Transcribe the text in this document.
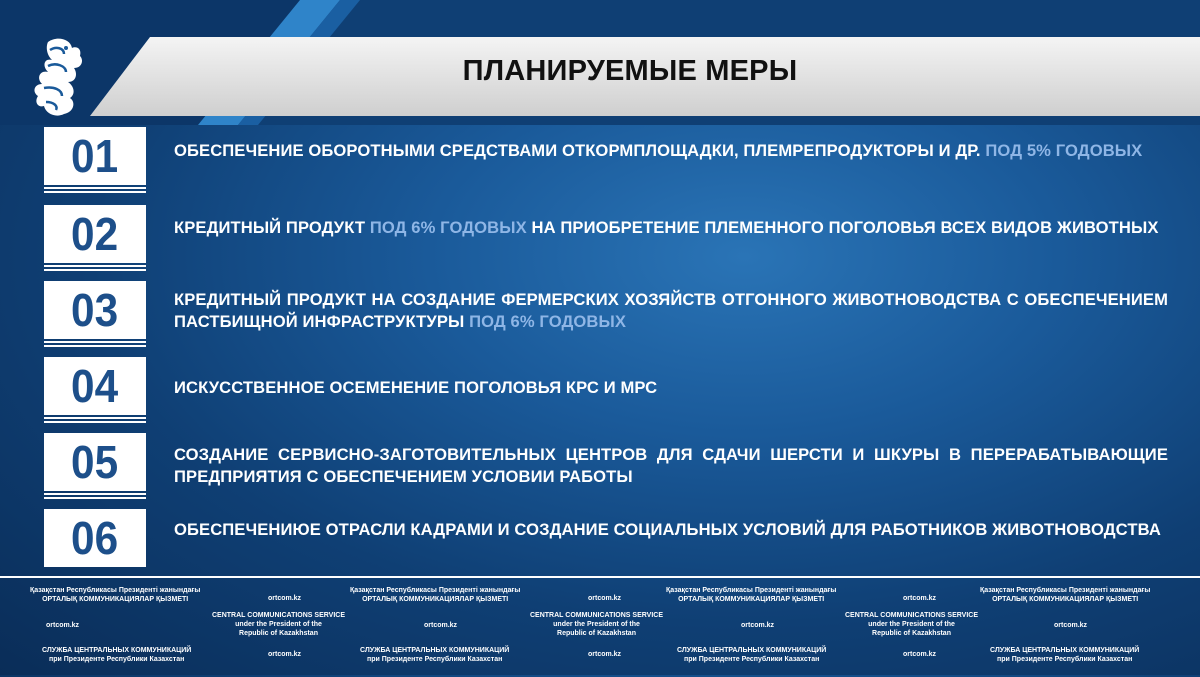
ПЛАНИРУЕМЫЕ МЕРЫ
01	ОБЕСПЕЧЕНИЕ ОБОРОТНЫМИ СРЕДСТВАМИ ОТКОРМПЛОЩАДКИ, ПЛЕМРЕПРОДУКТОРЫ И ДР. ПОД 5% ГОДОВЫХ
02	КРЕДИТНЫЙ ПРОДУКТ ПОД 6% ГОДОВЫХ НА ПРИОБРЕТЕНИЕ ПЛЕМЕННОГО ПОГОЛОВЬЯ ВСЕХ ВИДОВ ЖИВОТНЫХ
03	КРЕДИТНЫЙ ПРОДУКТ НА СОЗДАНИЕ ФЕРМЕРСКИХ ХОЗЯЙСТВ ОТГОННОГО ЖИВОТНОВОДСТВА С ОБЕСПЕЧЕНИЕМ ПАСТБИЩНОЙ ИНФРАСТРУКТУРЫ ПОД 6% ГОДОВЫХ
04	ИСКУССТВЕННОЕ ОСЕМЕНЕНИЕ ПОГОЛОВЬЯ КРС И МРС
05	СОЗДАНИЕ СЕРВИСНО-ЗАГОТОВИТЕЛЬНЫХ ЦЕНТРОВ ДЛЯ СДАЧИ ШЕРСТИ И ШКУРЫ В ПЕРЕРАБАТЫВАЮЩИЕ ПРЕДПРИЯТИЯ С ОБЕСПЕЧЕНИЕМ УСЛОВИИ РАБОТЫ
06	ОБЕСПЕЧЕНИЮЕ ОТРАСЛИ КАДРАМИ И СОЗДАНИЕ СОЦИАЛЬНЫХ УСЛОВИЙ ДЛЯ РАБОТНИКОВ ЖИВОТНОВОДСТВА
Қазақстан Республикасы Президенті жанындағы
ОРТАЛЫҚ КОММУНИКАЦИЯЛАР ҚЫЗМЕТІ	ortcom.kz
Қазақстан Республикасы Президенті жанындағы
ОРТАЛЫҚ КОММУНИКАЦИЯЛАР ҚЫЗМЕТІ	ortcom.kz
Қазақстан Республикасы Президенті жанындағы
ОРТАЛЫҚ КОММУНИКАЦИЯЛАР ҚЫЗМЕТІ	ortcom.kz
Қазақстан Республикасы Президенті жанындағы
ОРТАЛЫҚ КОММУНИКАЦИЯЛАР ҚЫЗМЕТІ
ortcom.kz
CENTRAL COMMUNICATIONS SERVICE
under the President of the
Republic of Kazakhstan
ortcom.kz
CENTRAL COMMUNICATIONS SERVICE
under the President of the
Republic of Kazakhstan
ortcom.kz
CENTRAL COMMUNICATIONS SERVICE
under the President of the
Republic of Kazakhstan
ortcom.kz
СЛУЖБА ЦЕНТРАЛЬНЫХ КОММУНИКАЦИЙ
при Президенте Республики Казахстан
ortcom.kz
СЛУЖБА ЦЕНТРАЛЬНЫХ КОММУНИКАЦИЙ
при Президенте Республики Казахстан
ortcom.kz
СЛУЖБА ЦЕНТРАЛЬНЫХ КОММУНИКАЦИЙ
при Президенте Республики Казахстан
ortcom.kz
СЛУЖБА ЦЕНТРАЛЬНЫХ КОММУНИКАЦИЙ
при Президенте Республики Казахстан
